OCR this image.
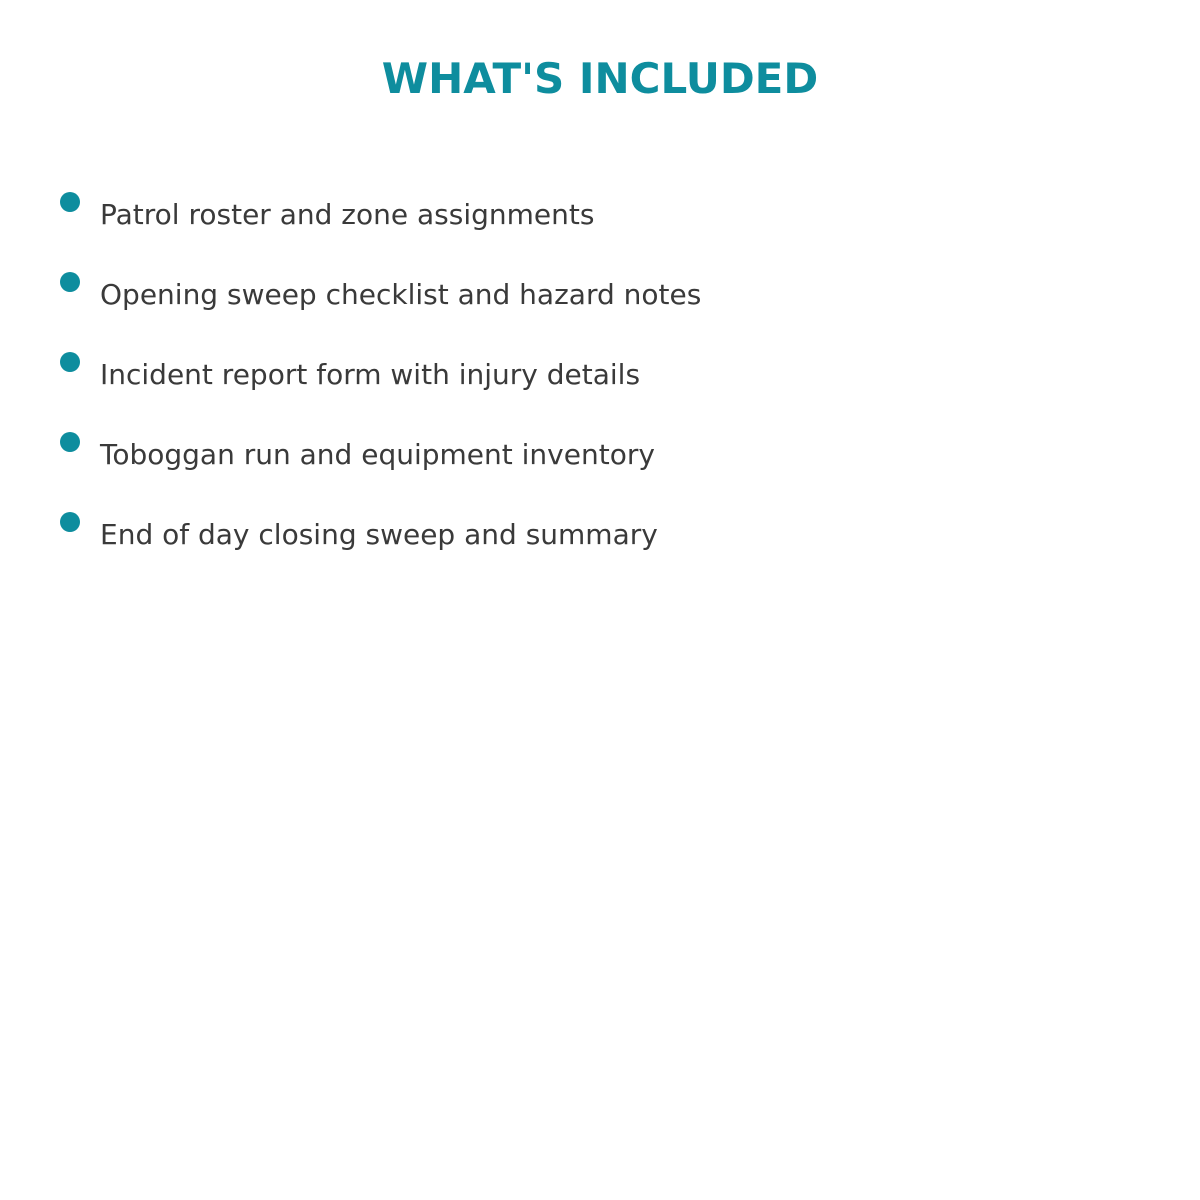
WHAT'S INCLUDED
Patrol roster and zone assignments
Opening sweep checklist and hazard notes
Incident report form with injury details
Toboggan run and equipment inventory
End of day closing sweep and summary
